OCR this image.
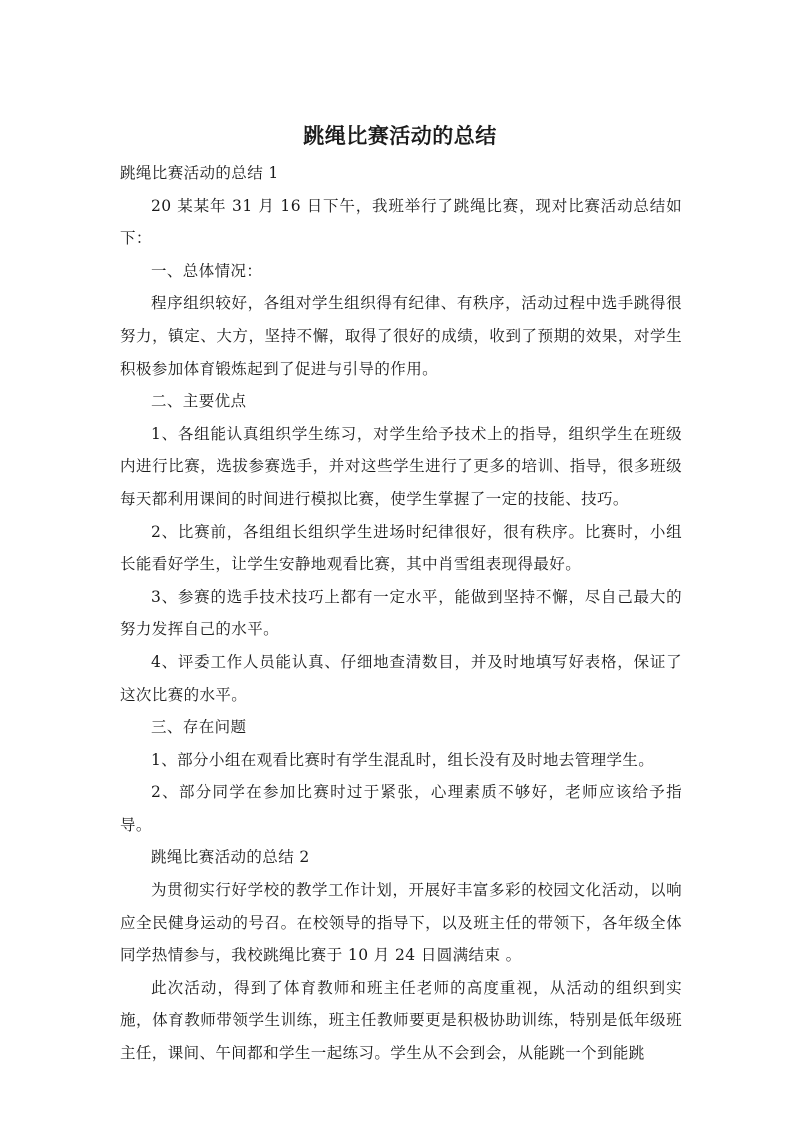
跳绳比赛活动的总结

跳绳比赛活动的总结 1

20 某某年 31 月 16 日下午，我班举行了跳绳比赛，现对比赛活动总结如下：

一、总体情况：

程序组织较好，各组对学生组织得有纪律、有秩序，活动过程中选手跳得很努力，镇定、大方，坚持不懈，取得了很好的成绩，收到了预期的效果，对学生积极参加体育锻炼起到了促进与引导的作用。

二、主要优点

1、各组能认真组织学生练习，对学生给予技术上的指导，组织学生在班级内进行比赛，选拔参赛选手，并对这些学生进行了更多的培训、指导，很多班级每天都利用课间的时间进行模拟比赛，使学生掌握了一定的技能、技巧。

2、比赛前，各组组长组织学生进场时纪律很好，很有秩序。比赛时，小组长能看好学生，让学生安静地观看比赛，其中肖雪组表现得最好。

3、参赛的选手技术技巧上都有一定水平，能做到坚持不懈，尽自己最大的努力发挥自己的水平。

4、评委工作人员能认真、仔细地查清数目，并及时地填写好表格，保证了这次比赛的水平。

三、存在问题

1、部分小组在观看比赛时有学生混乱时，组长没有及时地去管理学生。

2、部分同学在参加比赛时过于紧张，心理素质不够好，老师应该给予指导。

跳绳比赛活动的总结 2

为贯彻实行好学校的教学工作计划，开展好丰富多彩的校园文化活动，以响应全民健身运动的号召。在校领导的指导下，以及班主任的带领下，各年级全体同学热情参与，我校跳绳比赛于 10 月 24 日圆满结束 。

此次活动，得到了体育教师和班主任老师的高度重视，从活动的组织到实施，体育教师带领学生训练，班主任教师要更是积极协助训练，特别是低年级班主任，课间、午间都和学生一起练习。学生从不会到会，从能跳一个到能跳
